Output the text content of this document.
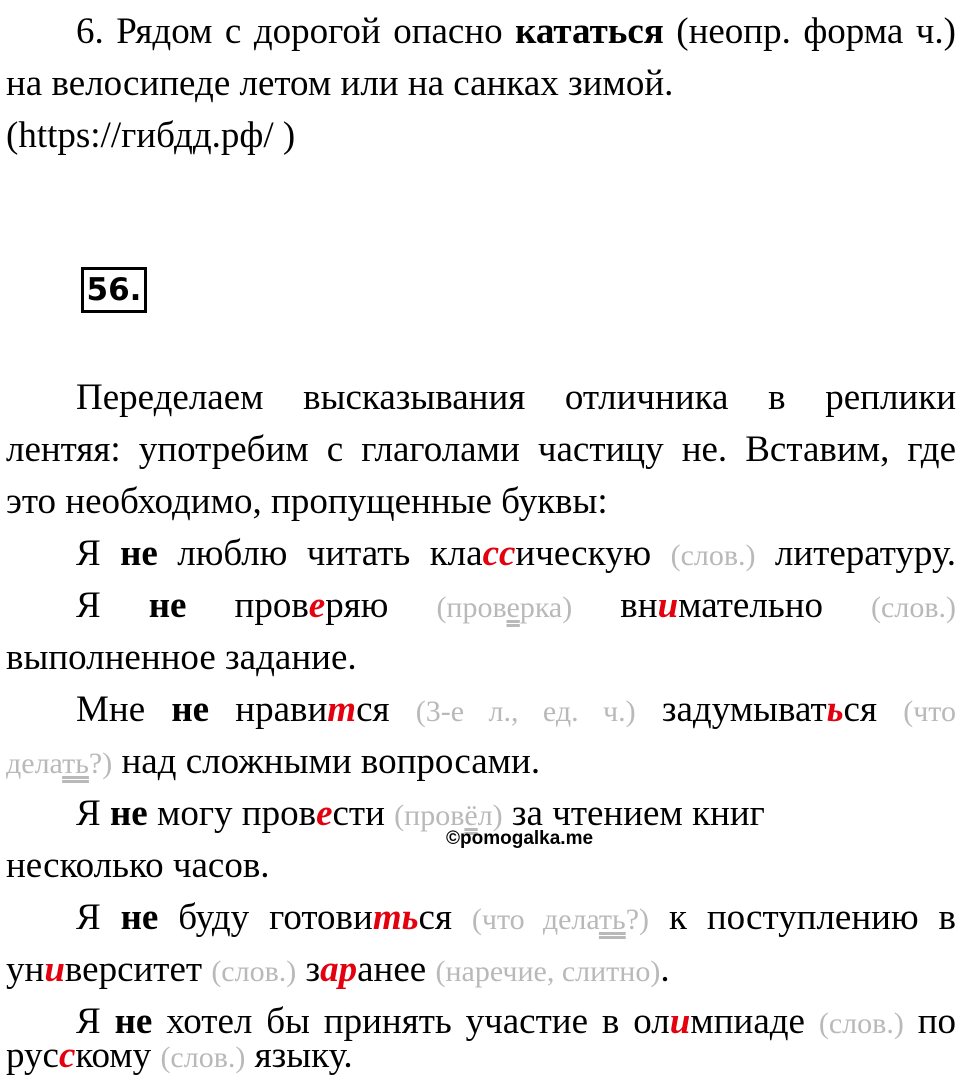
6. Рядом с дорогой опасно кататься (неопр. форма ч.)

на велосипеде летом или на санках зимой.

(https://гибдд.рф/ )

56.

Переделаем высказывания отличника в реплики

лентяя: употребим с глаголами частицу не. Вставим, где

это необходимо, пропущенные буквы:

Я не люблю читать классическую (слов.) литературу.

Я не проверяю (проверка) внимательно (слов.)

выполненное задание.

Мне не нравится (3-е л., ед. ч.) задумываться (что

делать?) над сложными вопросами.

Я не могу провести (провёл) за чтением книг

несколько часов.

©pomogalka.me

Я не буду готовиться (что делать?) к поступлению в

университет (слов.) заранее (наречие, слитно).

Я не хотел бы принять участие в олимпиаде (слов.) по

русскому (слов.) языку.
